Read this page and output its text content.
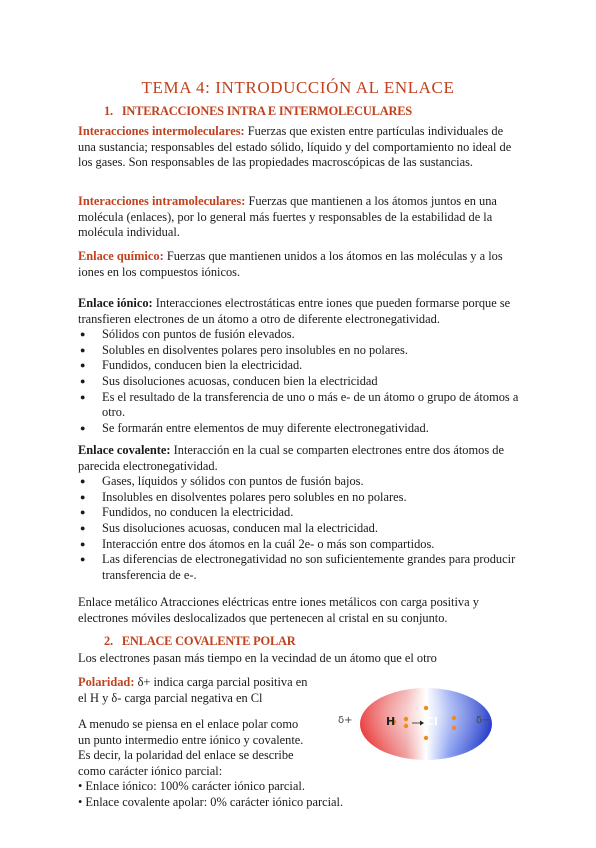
TEMA 4: INTRODUCCIÓN AL ENLACE
1. INTERACCIONES INTRA E INTERMOLECULARES
Interacciones intermoleculares: Fuerzas que existen entre partículas individuales de una sustancia; responsables del estado sólido, líquido y del comportamiento no ideal de los gases. Son responsables de las propiedades macroscópicas de las sustancias.
Interacciones intramoleculares: Fuerzas que mantienen a los átomos juntos en una molécula (enlaces), por lo general más fuertes y responsables de la estabilidad de la molécula individual.
Enlace químico: Fuerzas que mantienen unidos a los átomos en las moléculas y a los iones en los compuestos iónicos.
Enlace iónico: Interacciones electrostáticas entre iones que pueden formarse porque se transfieren electrones de un átomo a otro de diferente electronegatividad.
● Sólidos con puntos de fusión elevados.
● Solubles en disolventes polares pero insolubles en no polares.
● Fundidos, conducen bien la electricidad.
● Sus disoluciones acuosas, conducen bien la electricidad
● Es el resultado de la transferencia de uno o más e- de un átomo o grupo de átomos a otro.
● Se formarán entre elementos de muy diferente electronegatividad.
Enlace covalente: Interacción en la cual se comparten electrones entre dos átomos de parecida electronegatividad.
● Gases, líquidos y sólidos con puntos de fusión bajos.
● Insolubles en disolventes polares pero solubles en no polares.
● Fundidos, no conducen la electricidad.
● Sus disoluciones acuosas, conducen mal la electricidad.
● Interacción entre dos átomos en la cuál 2e- o más son compartidos.
● Las diferencias de electronegatividad no son suficientemente grandes para producir transferencia de e-.
Enlace metálico Atracciones eléctricas entre iones metálicos con carga positiva y electrones móviles deslocalizados que pertenecen al cristal en su conjunto.
2. ENLACE COVALENTE POLAR
Los electrones pasan más tiempo en la vecindad de un átomo que el otro
Polaridad: δ+ indica carga parcial positiva en
el H y δ- carga parcial negativa en Cl
A menudo se piensa en el enlace polar como
un punto intermedio entre iónico y covalente.
Es decir, la polaridad del enlace se describe
como carácter iónico parcial:
• Enlace iónico: 100% carácter iónico parcial.
• Enlace covalente apolar: 0% carácter iónico parcial.
δ+	δ−
H	Cl
